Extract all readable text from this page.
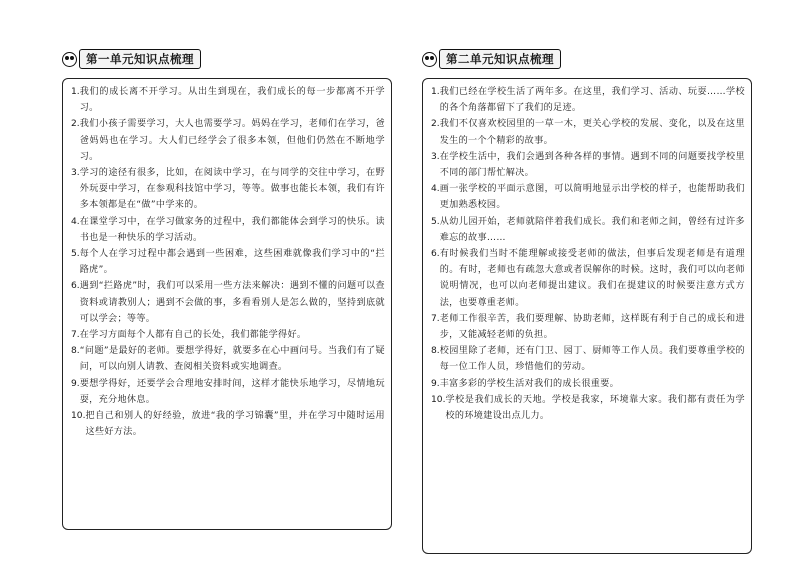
第一单元知识点梳理
1. 我们的成长离不开学习。从出生到现在，我们成长的每一步都离不开学习。
2. 我们小孩子需要学习，大人也需要学习。妈妈在学习，老师们在学习，爸爸妈妈也在学习。大人们已经学会了很多本领，但他们仍然在不断地学习。
3. 学习的途径有很多，比如，在阅读中学习，在与同学的交往中学习，在野外玩耍中学习，在参观科技馆中学习，等等。做事也能长本领，我们有许多本领都是在“做”中学来的。
4. 在课堂学习中，在学习做家务的过程中，我们都能体会到学习的快乐。读书也是一种快乐的学习活动。
5. 每个人在学习过程中都会遇到一些困难，这些困难就像我们学习中的“拦路虎”。
6. 遇到“拦路虎”时，我们可以采用一些方法来解决：遇到不懂的问题可以查资料或请教别人；遇到不会做的事，多看看别人是怎么做的，坚持到底就可以学会；等等。
7. 在学习方面每个人都有自己的长处，我们都能学得好。
8. “问题”是最好的老师。要想学得好，就要多在心中画问号。当我们有了疑问，可以向别人请教、查阅相关资料或实地调查。
9. 要想学得好，还要学会合理地安排时间，这样才能快乐地学习，尽情地玩耍，充分地休息。
10. 把自己和别人的好经验，放进“我的学习锦囊”里，并在学习中随时运用这些好方法。
第二单元知识点梳理
1. 我们已经在学校生活了两年多。在这里，我们学习、活动、玩耍……学校的各个角落都留下了我们的足迹。
2. 我们不仅喜欢校园里的一草一木，更关心学校的发展、变化，以及在这里发生的一个个精彩的故事。
3. 在学校生活中，我们会遇到各种各样的事情。遇到不同的问题要找学校里不同的部门帮忙解决。
4. 画一张学校的平面示意图，可以简明地显示出学校的样子，也能帮助我们更加熟悉校园。
5. 从幼儿园开始，老师就陪伴着我们成长。我们和老师之间，曾经有过许多难忘的故事……
6. 有时候我们当时不能理解或接受老师的做法，但事后发现老师是有道理的。有时，老师也有疏忽大意或者误解你的时候。这时，我们可以向老师说明情况，也可以向老师提出建议。我们在提建议的时候要注意方式方法，也要尊重老师。
7. 老师工作很辛苦，我们要理解、协助老师，这样既有利于自己的成长和进步，又能减轻老师的负担。
8. 校园里除了老师，还有门卫、园丁、厨师等工作人员。我们要尊重学校的每一位工作人员，珍惜他们的劳动。
9. 丰富多彩的学校生活对我们的成长很重要。
10. 学校是我们成长的天地。学校是我家，环境靠大家。我们都有责任为学校的环境建设出点儿力。
